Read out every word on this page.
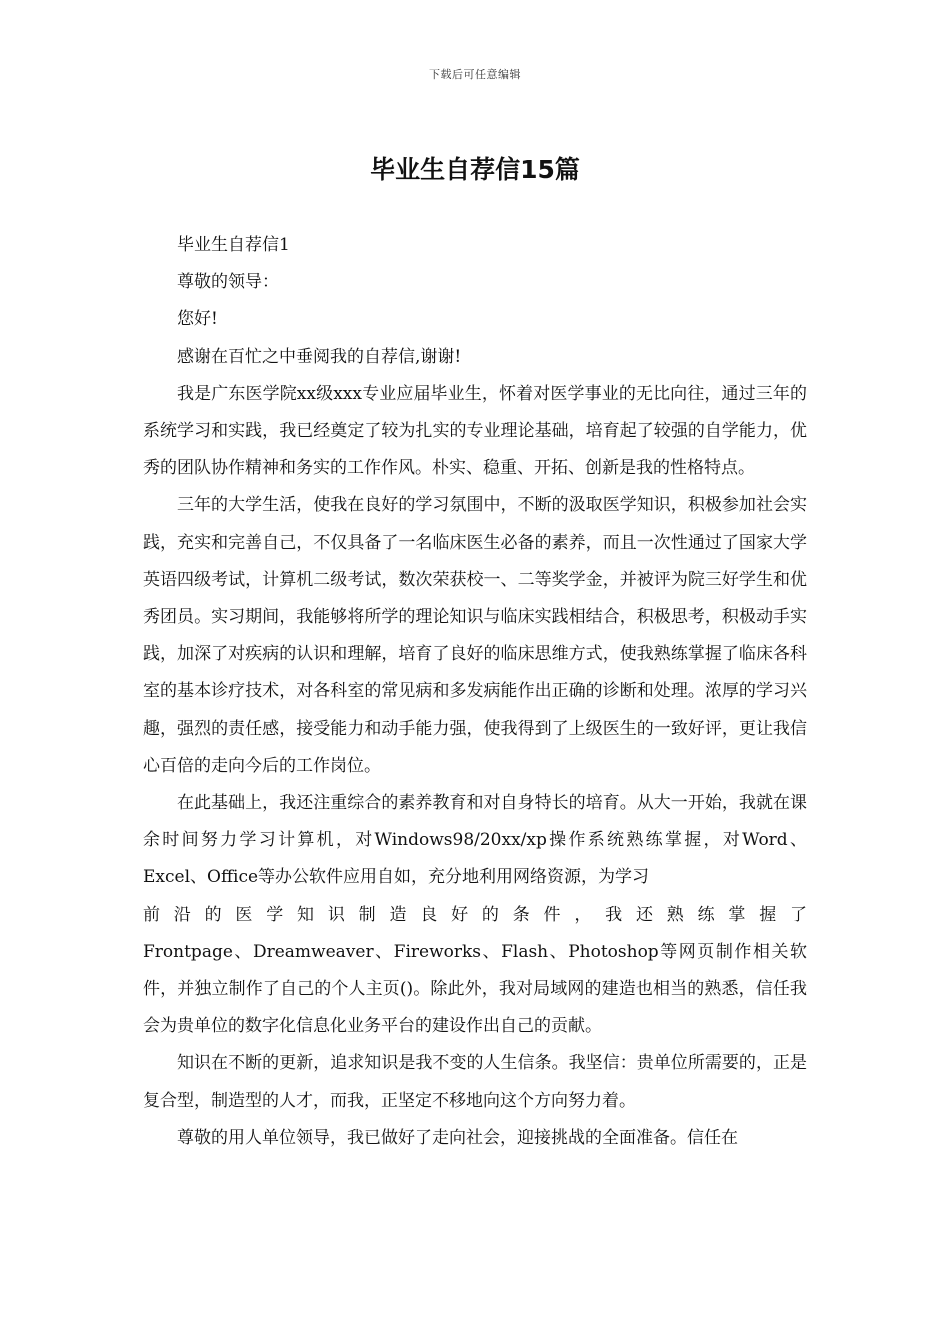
下载后可任意编辑
毕业生自荐信15篇

毕业生自荐信1

尊敬的领导：

您好!

感谢在百忙之中垂阅我的自荐信,谢谢!

我是广东医学院xx级xxx专业应届毕业生，怀着对医学事业的无比向往，通过三年的系统学习和实践，我已经奠定了较为扎实的专业理论基础，培育起了较强的自学能力，优秀的团队协作精神和务实的工作作风。朴实、稳重、开拓、创新是我的性格特点。

三年的大学生活，使我在良好的学习氛围中，不断的汲取医学知识，积极参加社会实践，充实和完善自己，不仅具备了一名临床医生必备的素养，而且一次性通过了国家大学英语四级考试，计算机二级考试，数次荣获校一、二等奖学金，并被评为院三好学生和优秀团员。实习期间，我能够将所学的理论知识与临床实践相结合，积极思考，积极动手实践，加深了对疾病的认识和理解，培育了良好的临床思维方式，使我熟练掌握了临床各科室的基本诊疗技术，对各科室的常见病和多发病能作出正确的诊断和处理。浓厚的学习兴趣，强烈的责任感，接受能力和动手能力强，使我得到了上级医生的一致好评，更让我信心百倍的走向今后的工作岗位。

在此基础上，我还注重综合的素养教育和对自身特长的培育。从大一开始，我就在课余时间努力学习计算机，对Windows98/20xx/xp操作系统熟练掌握，对Word、Excel、Office等办公软件应用自如，充分地利用网络资源，为学习

前沿的医学知识制造良好的条件，我还熟练掌握了

Frontpage、Dreamweaver、Fireworks、Flash、Photoshop等网页制作相关软件，并独立制作了自己的个人主页()。除此外，我对局域网的建造也相当的熟悉，信任我会为贵单位的数字化信息化业务平台的建设作出自己的贡献。

知识在不断的更新，追求知识是我不变的人生信条。我坚信：贵单位所需要的，正是复合型，制造型的人才，而我，正坚定不移地向这个方向努力着。

尊敬的用人单位领导，我已做好了走向社会，迎接挑战的全面准备。信任在
